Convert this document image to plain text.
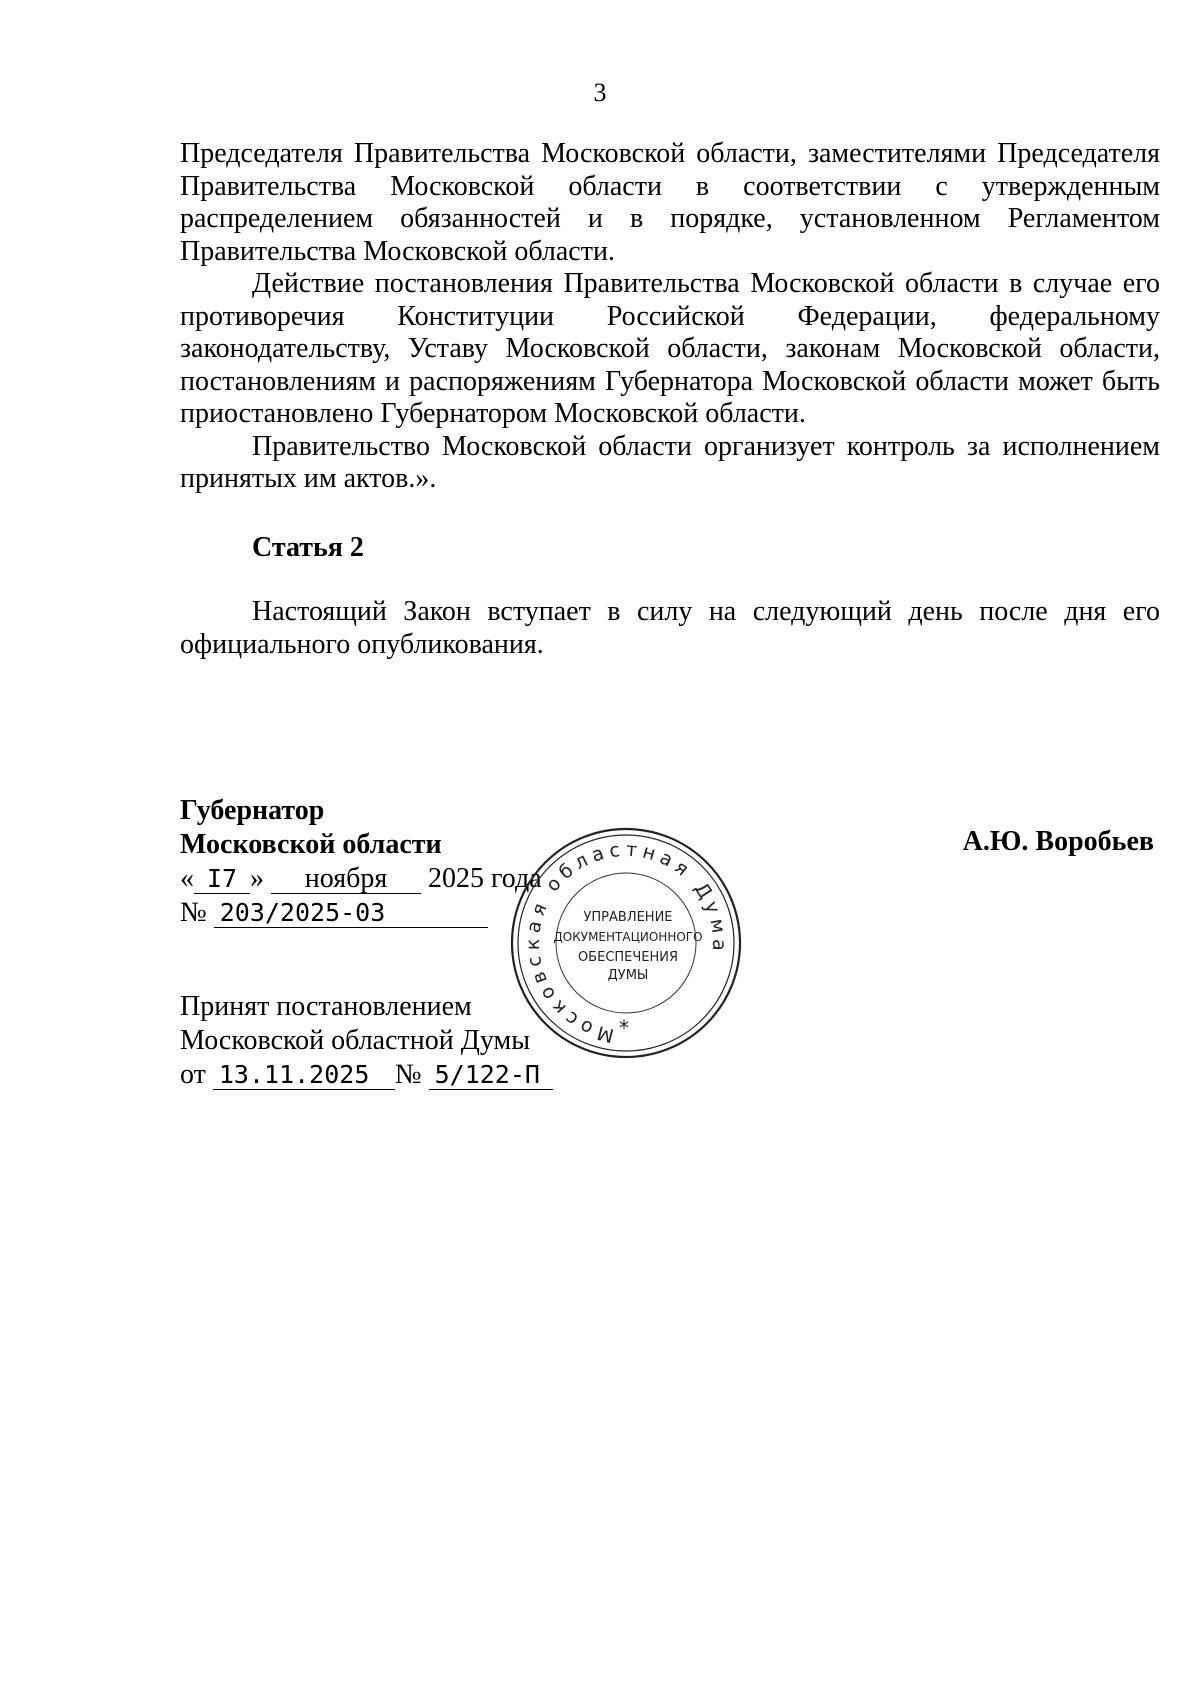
3

Председателя Правительства Московской области, заместителями Председателя Правительства Московской области в соответствии с утвержденным распределением обязанностей и в порядке, установленном Регламентом Правительства Московской области.

Действие постановления Правительства Московской области в случае его противоречия Конституции Российской Федерации, федеральному законодательству, Уставу Московской области, законам Московской области, постановлениям и распоряжениям Губернатора Московской области может быть приостановлено Губернатором Московской области.

Правительство Московской области организует контроль за исполнением принятых им актов.».

Статья 2

Настоящий Закон вступает в силу на следующий день после дня его официального опубликования.

Губернатор
Московской области	А.Ю. Воробьев
« I7 » ноября 2025 года
№ 203/2025-03
Принят постановлением
Московской областной Думы
от 13.11.2025 № 5/122-П
Московская областная Дума
УПРАВЛЕНИЕ
ДОКУМЕНТАЦИОННОГО
ОБЕСПЕЧЕНИЯ
ДУМЫ
*
